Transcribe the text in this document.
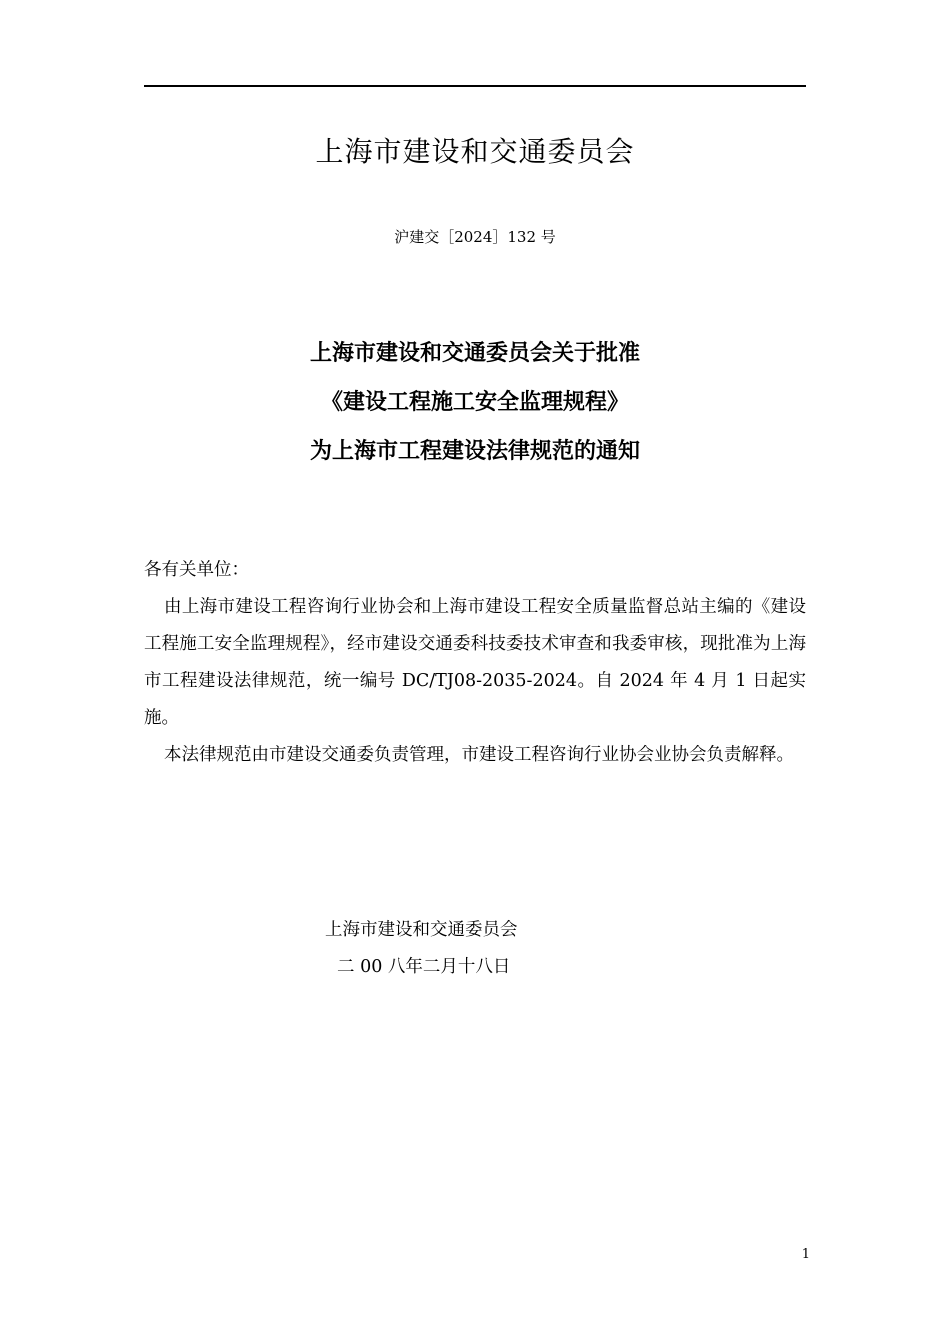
上海市建设和交通委员会
沪建交［2024］132 号
上海市建设和交通委员会关于批准
《建设工程施工安全监理规程》
为上海市工程建设法律规范的通知
各有关单位：
由上海市建设工程咨询行业协会和上海市建设工程安全质量监督总站主编的《建设工程施工安全监理规程》，经市建设交通委科技委技术审查和我委审核，现批准为上海市工程建设法律规范，统一编号 DC/TJ08-2035-2024。自 2024 年 4 月 1 日起实施。
本法律规范由市建设交通委负责管理，市建设工程咨询行业协会业协会负责解释。
上海市建设和交通委员会
二 00 八年二月十八日
1
